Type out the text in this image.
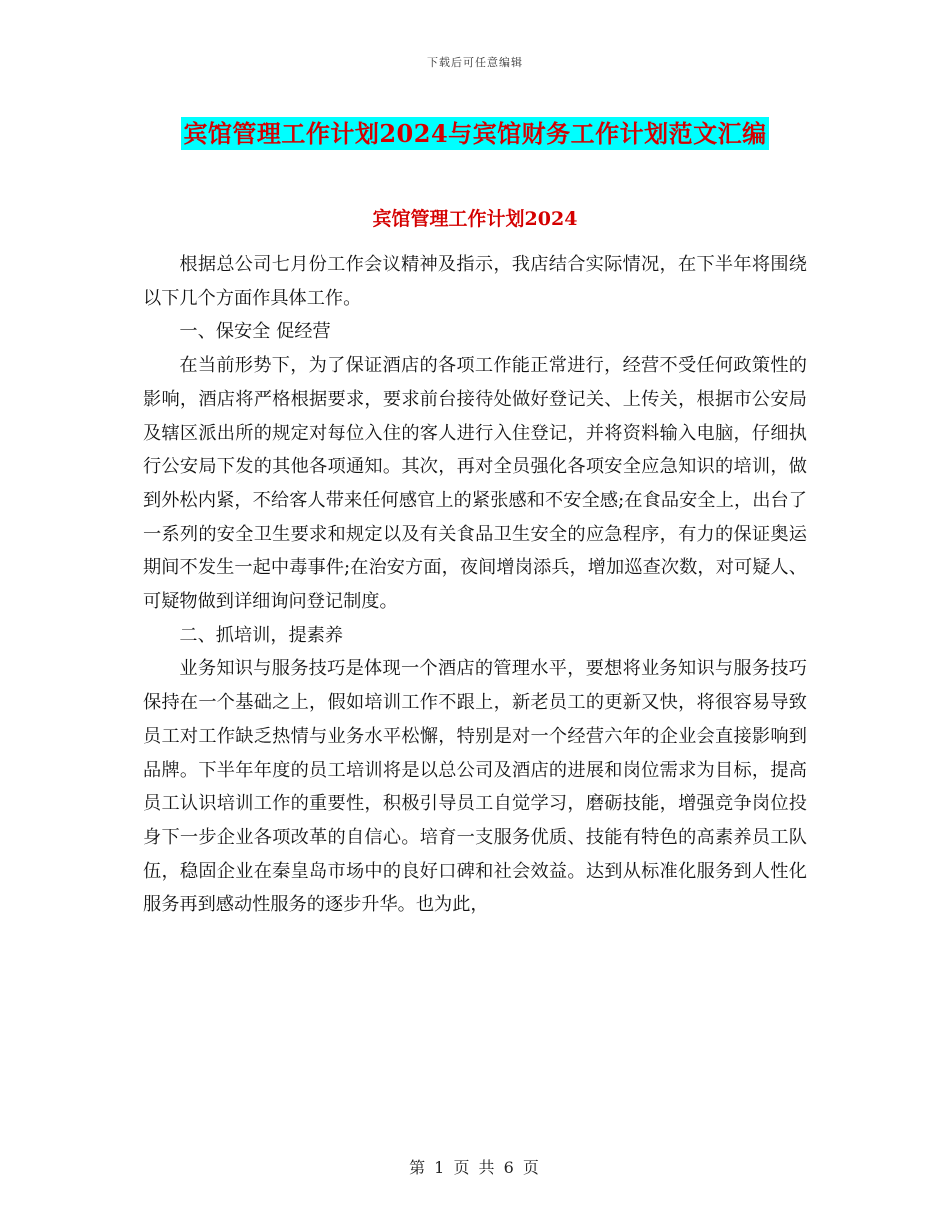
下载后可任意编辑
宾馆管理工作计划2024与宾馆财务工作计划范文汇编
宾馆管理工作计划2024

根据总公司七月份工作会议精神及指示，我店结合实际情况，在下半年将围绕以下几个方面作具体工作。

一、保安全 促经营

在当前形势下，为了保证酒店的各项工作能正常进行，经营不受任何政策性的影响，酒店将严格根据要求，要求前台接待处做好登记关、上传关，根据市公安局及辖区派出所的规定对每位入住的客人进行入住登记，并将资料输入电脑，仔细执行公安局下发的其他各项通知。其次，再对全员强化各项安全应急知识的培训，做到外松内紧，不给客人带来任何感官上的紧张感和不安全感;在食品安全上，出台了一系列的安全卫生要求和规定以及有关食品卫生安全的应急程序，有力的保证奥运期间不发生一起中毒事件;在治安方面，夜间增岗添兵，增加巡查次数，对可疑人、可疑物做到详细询问登记制度。

二、抓培训，提素养

业务知识与服务技巧是体现一个酒店的管理水平，要想将业务知识与服务技巧保持在一个基础之上，假如培训工作不跟上，新老员工的更新又快，将很容易导致员工对工作缺乏热情与业务水平松懈，特别是对一个经营六年的企业会直接影响到品牌。下半年年度的员工培训将是以总公司及酒店的进展和岗位需求为目标，提高员工认识培训工作的重要性，积极引导员工自觉学习，磨砺技能，增强竞争岗位投身下一步企业各项改革的自信心。培育一支服务优质、技能有特色的高素养员工队伍，稳固企业在秦皇岛市场中的良好口碑和社会效益。达到从标准化服务到人性化服务再到感动性服务的逐步升华。也为此，

第 1 页 共 6 页
